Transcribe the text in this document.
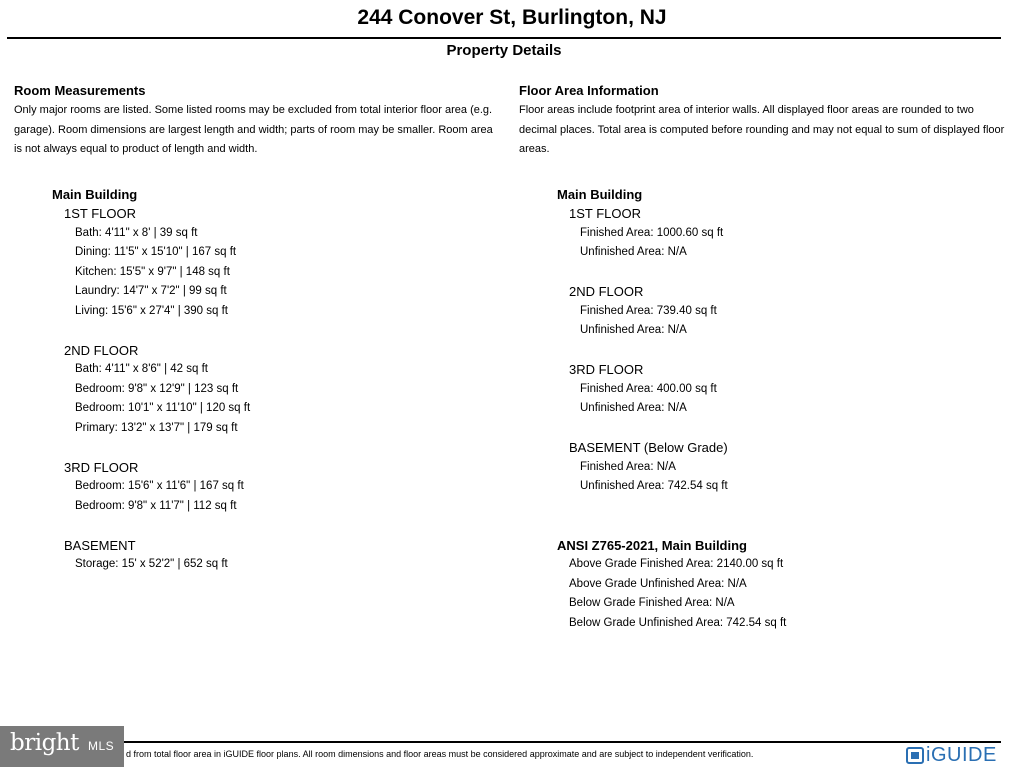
244 Conover St, Burlington, NJ
Property Details
Room Measurements
Only major rooms are listed. Some listed rooms may be excluded from total interior floor area (e.g. garage). Room dimensions are largest length and width; parts of room may be smaller. Room area is not always equal to product of length and width.
Main Building
1ST FLOOR
Bath: 4'11" x 8' | 39 sq ft
Dining: 11'5" x 15'10" | 167 sq ft
Kitchen: 15'5" x 9'7" | 148 sq ft
Laundry: 14'7" x 7'2" | 99 sq ft
Living: 15'6" x 27'4" | 390 sq ft
2ND FLOOR
Bath: 4'11" x 8'6" | 42 sq ft
Bedroom: 9'8" x 12'9" | 123 sq ft
Bedroom: 10'1" x 11'10" | 120 sq ft
Primary: 13'2" x 13'7" | 179 sq ft
3RD FLOOR
Bedroom: 15'6" x 11'6" | 167 sq ft
Bedroom: 9'8" x 11'7" | 112 sq ft
BASEMENT
Storage: 15' x 52'2" | 652 sq ft
Floor Area Information
Floor areas include footprint area of interior walls. All displayed floor areas are rounded to two decimal places. Total area is computed before rounding and may not equal to sum of displayed floor areas.
Main Building
1ST FLOOR
Finished Area: 1000.60 sq ft
Unfinished Area: N/A
2ND FLOOR
Finished Area: 739.40 sq ft
Unfinished Area: N/A
3RD FLOOR
Finished Area: 400.00 sq ft
Unfinished Area: N/A
BASEMENT (Below Grade)
Finished Area: N/A
Unfinished Area: 742.54 sq ft
ANSI Z765-2021, Main Building
Above Grade Finished Area: 2140.00 sq ft
Above Grade Unfinished Area: N/A
Below Grade Finished Area: N/A
Below Grade Unfinished Area: 742.54 sq ft
d from total floor area in iGUIDE floor plans. All room dimensions and floor areas must be considered approximate and are subject to independent verification.
bright MLS	iGUIDE
